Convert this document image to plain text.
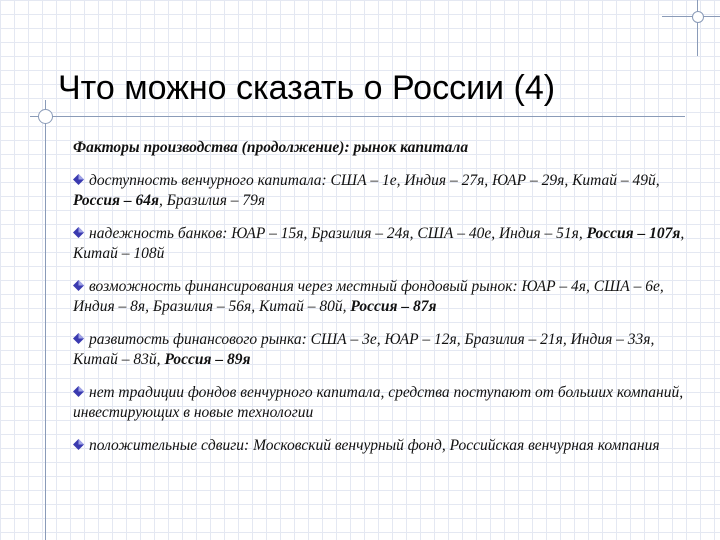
Что можно сказать о России (4)
Факторы производства (продолжение): рынок капитала
доступность венчурного капитала: США – 1е, Индия – 27я, ЮАР – 29я, Китай – 49й, Россия – 64я, Бразилия – 79я
надежность банков: ЮАР – 15я, Бразилия – 24я, США – 40е, Индия – 51я, Россия – 107я, Китай – 108й
возможность финансирования через местный фондовый рынок: ЮАР – 4я, США – 6е, Индия – 8я, Бразилия – 56я, Китай – 80й, Россия – 87я
развитость финансового рынка: США – 3е, ЮАР – 12я, Бразилия – 21я, Индия – 33я, Китай – 83й, Россия – 89я
нет традиции фондов венчурного капитала, средства поступают от больших компаний, инвестирующих в новые технологии
положительные сдвиги: Московский венчурный фонд, Российская венчурная компания
